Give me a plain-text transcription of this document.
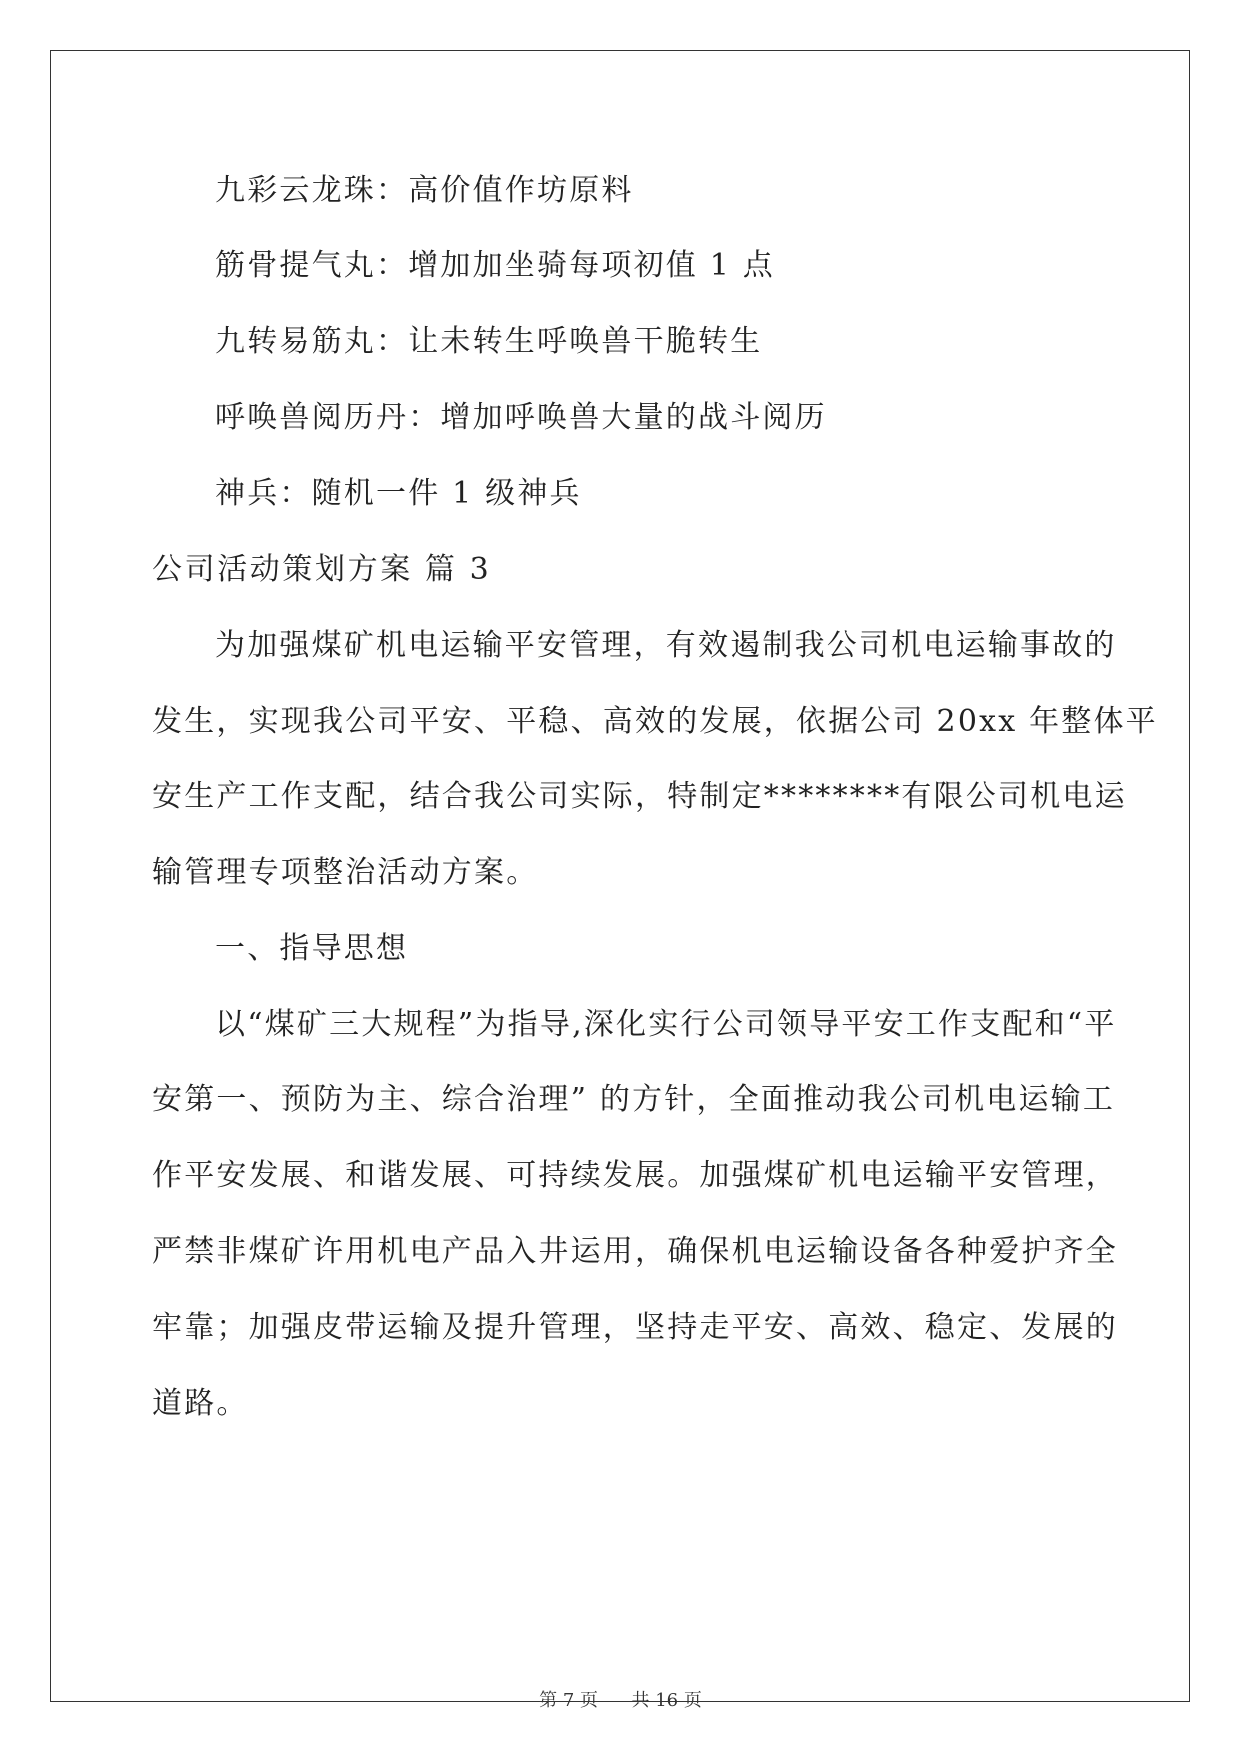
九彩云龙珠：高价值作坊原料
筋骨提气丸：增加加坐骑每项初值 1 点
九转易筋丸：让未转生呼唤兽干脆转生
呼唤兽阅历丹：增加呼唤兽大量的战斗阅历
神兵：随机一件 1 级神兵
公司活动策划方案 篇 3
为加强煤矿机电运输平安管理，有效遏制我公司机电运输事故的
发生，实现我公司平安、平稳、高效的发展，依据公司 20xx 年整体平
安生产工作支配，结合我公司实际，特制定********有限公司机电运
输管理专项整治活动方案。
一、指导思想
以“煤矿三大规程”为指导,深化实行公司领导平安工作支配和“平
安第一、预防为主、综合治理” 的方针，全面推动我公司机电运输工
作平安发展、和谐发展、可持续发展。加强煤矿机电运输平安管理，
严禁非煤矿许用机电产品入井运用，确保机电运输设备各种爱护齐全
牢靠；加强皮带运输及提升管理，坚持走平安、高效、稳定、发展的
道路。
第 7 页 共 16 页
